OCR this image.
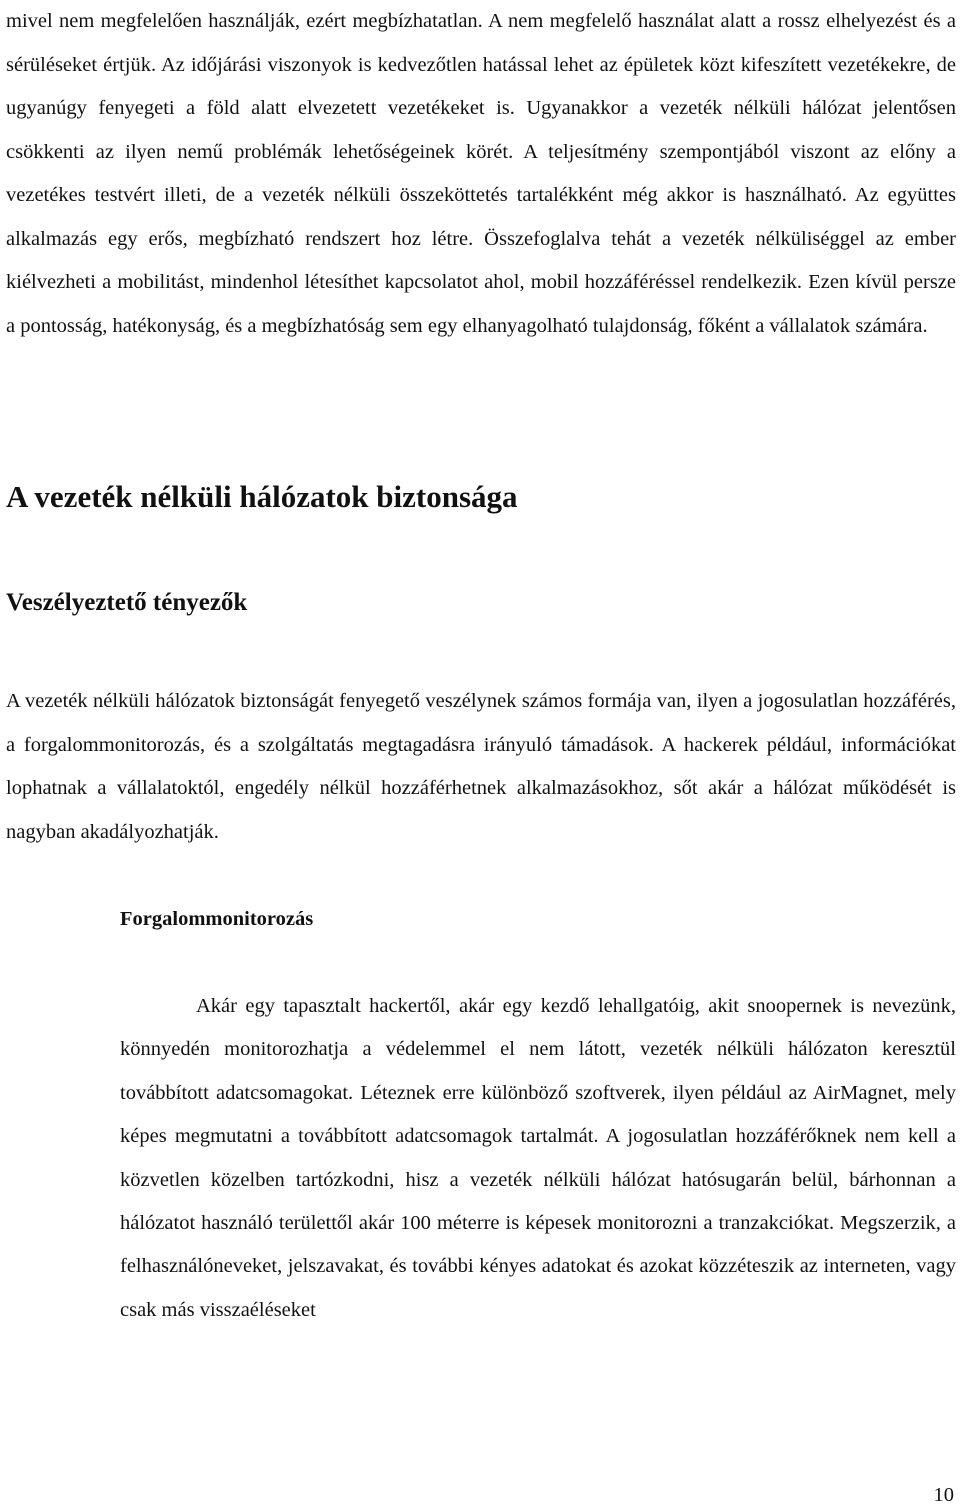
mivel nem megfelelően használják, ezért megbízhatatlan. A nem megfelelő használat alatt a rossz elhelyezést és a sérüléseket értjük. Az időjárási viszonyok is kedvezőtlen hatással lehet az épületek közt kifeszített vezetékekre, de ugyanúgy fenyegeti a föld alatt elvezetett vezetékeket is. Ugyanakkor a vezeték nélküli hálózat jelentősen csökkenti az ilyen nemű problémák lehetőségeinek körét. A teljesítmény szempontjából viszont az előny a vezetékes testvért illeti, de a vezeték nélküli összeköttetés tartalékként még akkor is használható. Az együttes alkalmazás egy erős, megbízható rendszert hoz létre. Összefoglalva tehát a vezeték nélküliséggel az ember kiélvezheti a mobilitást, mindenhol létesíthet kapcsolatot ahol, mobil hozzáféréssel rendelkezik. Ezen kívül persze a pontosság, hatékonyság, és a megbízhatóság sem egy elhanyagolható tulajdonság, főként a vállalatok számára.

A vezeték nélküli hálózatok biztonsága
Veszélyeztető tényezők

A vezeték nélküli hálózatok biztonságát fenyegető veszélynek számos formája van, ilyen a jogosulatlan hozzáférés, a forgalommonitorozás, és a szolgáltatás megtagadásra irányuló támadások. A hackerek például, információkat lophatnak a vállalatoktól, engedély nélkül hozzáférhetnek alkalmazásokhoz, sőt akár a hálózat működését is nagyban akadályozhatják.

Forgalommonitorozás

Akár egy tapasztalt hackertől, akár egy kezdő lehallgatóig, akit snoopernek is nevezünk, könnyedén monitorozhatja a védelemmel el nem látott, vezeték nélküli hálózaton keresztül továbbított adatcsomagokat. Léteznek erre különböző szoftverek, ilyen például az AirMagnet, mely képes megmutatni a továbbított adatcsomagok tartalmát. A jogosulatlan hozzáférőknek nem kell a közvetlen közelben tartózkodni, hisz a vezeték nélküli hálózat hatósugarán belül, bárhonnan a hálózatot használó területtől akár 100 méterre is képesek monitorozni a tranzakciókat. Megszerzik, a felhasználóneveket, jelszavakat, és további kényes adatokat és azokat közzéteszik az interneten, vagy csak más visszaéléseket

10
